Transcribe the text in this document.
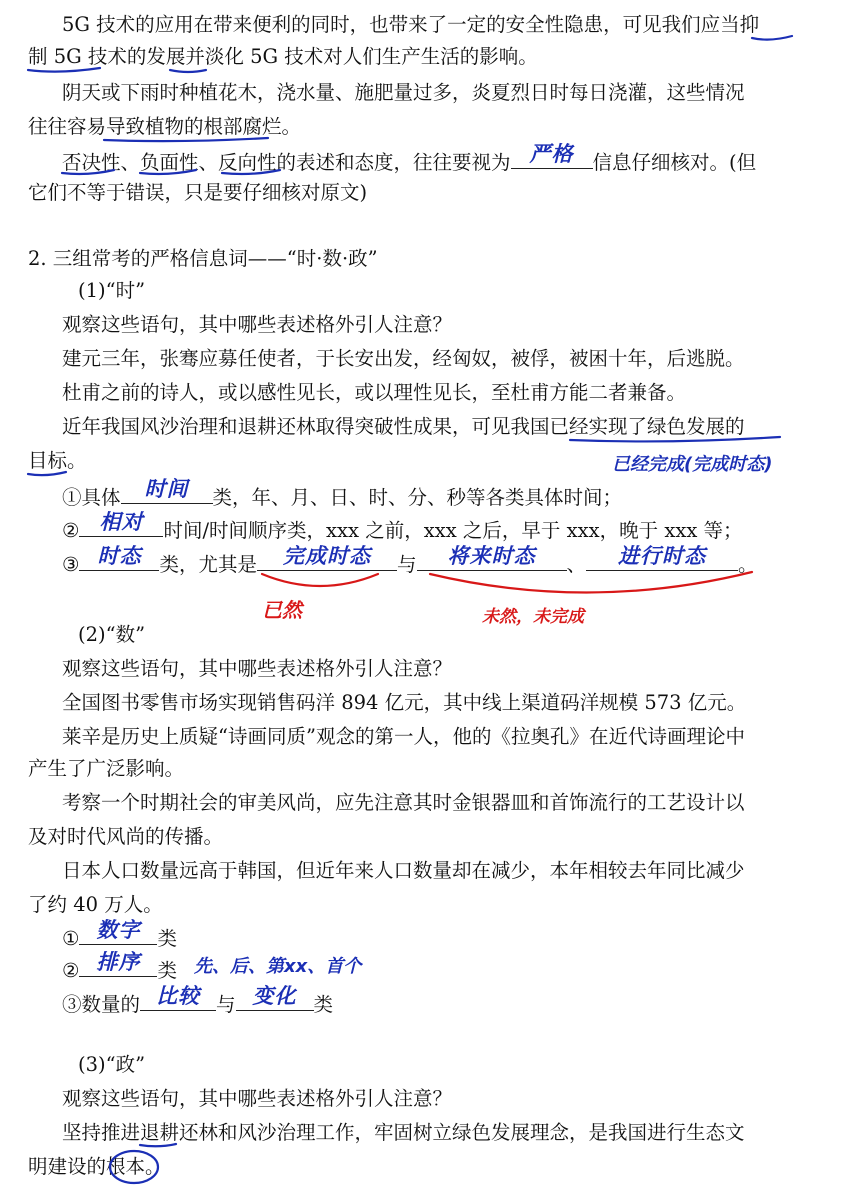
5G 技术的应用在带来便利的同时，也带来了一定的安全性隐患，可见我们应当抑
制 5G 技术的发展并淡化 5G 技术对人们生产生活的影响。
阴天或下雨时种植花木，浇水量、施肥量过多，炎夏烈日时每日浇灌，这些情况
往往容易导致植物的根部腐烂。
否决性、负面性、反向性的表述和态度，往往要视为 严格 信息仔细核对。(但
它们不等于错误，只是要仔细核对原文)
2. 三组常考的严格信息词——“时·数·政”
(1)“时”
观察这些语句，其中哪些表述格外引人注意？
建元三年，张骞应募任使者，于长安出发，经匈奴，被俘，被困十年，后逃脱。
杜甫之前的诗人，或以感性见长，或以理性见长，至杜甫方能二者兼备。
近年我国风沙治理和退耕还林取得突破性成果，可见我国已经实现了绿色发展的
目标。	已经完成(完成时态)
①具体	时间	类，年、月、日、时、分、秒等各类具体时间；
② 相对	时间/时间顺序类，xxx 之前，xxx 之后，早于 xxx，晚于 xxx 等；
③ 时态 类，尤其是	完成时态	与	将来时态	、	进行时态	。
已然	未然，未完成
(2)“数”
观察这些语句，其中哪些表述格外引人注意？
全国图书零售市场实现销售码洋 894 亿元，其中线上渠道码洋规模 573 亿元。
莱辛是历史上质疑“诗画同质”观念的第一人，他的《拉奥孔》在近代诗画理论中
产生了广泛影响。
考察一个时期社会的审美风尚，应先注意其时金银器皿和首饰流行的工艺设计以
及对时代风尚的传播。
日本人口数量远高于韩国，但近年来人口数量却在减少，本年相较去年同比减少
了约 40 万人。
① 数字 类
② 排序 类 先、后、第xx、首个
③数量的 比较 与 变化 类
(3)“政”
观察这些语句，其中哪些表述格外引人注意？
坚持推进退耕还林和风沙治理工作，牢固树立绿色发展理念，是我国进行生态文
明建设的根本。
